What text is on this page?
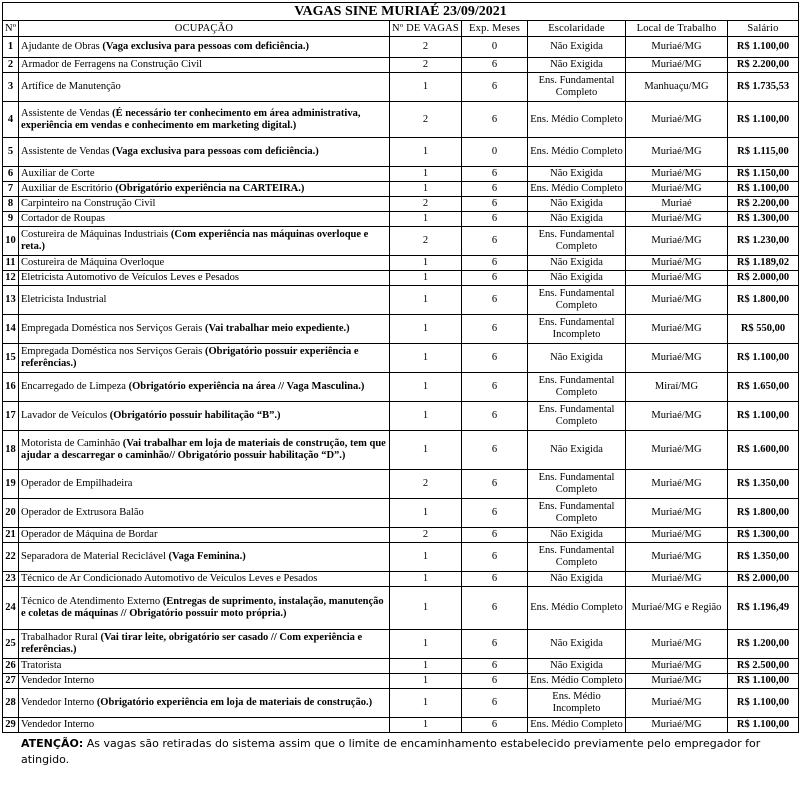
VAGAS SINE MURIAÉ 23/09/2021						
Nº	OCUPAÇÃO	Nº DE VAGAS	Exp. Meses	Escolaridade	Local de Trabalho	Salário
1	Ajudante de Obras (Vaga exclusiva para pessoas com deficiência.)	2	0	Não Exigida	Muriaé/MG	R$ 1.100,00
2	Armador de Ferragens na Construção Civil	2	6	Não Exigida	Muriaé/MG	R$ 2.200,00
3	Artífice de Manutenção	1	6	Ens. Fundamental Completo	Manhuaçu/MG	R$ 1.735,53
4	Assistente de Vendas (É necessário ter conhecimento em área administrativa, experiência em vendas e conhecimento em marketing digital.)	2	6	Ens. Médio Completo	Muriaé/MG	R$ 1.100,00
5	Assistente de Vendas (Vaga exclusiva para pessoas com deficiência.)	1	0	Ens. Médio Completo	Muriaé/MG	R$ 1.115,00
6	Auxiliar de Corte	1	6	Não Exigida	Muriaé/MG	R$ 1.150,00
7	Auxiliar de Escritório (Obrigatório experiência na CARTEIRA.)	1	6	Ens. Médio Completo	Muriaé/MG	R$ 1.100,00
8	Carpinteiro na Construção Civil	2	6	Não Exigida	Muriaé	R$ 2.200,00
9	Cortador de Roupas	1	6	Não Exigida	Muriaé/MG	R$ 1.300,00
10	Costureira de Máquinas Industriais (Com experiência nas máquinas overloque e reta.)	2	6	Ens. Fundamental Completo	Muriaé/MG	R$ 1.230,00
11	Costureira de Máquina Overloque	1	6	Não Exigida	Muriaé/MG	R$ 1.189,02
12	Eletricista Automotivo de Veículos Leves e Pesados	1	6	Não Exigida	Muriaé/MG	R$ 2.000,00
13	Eletricista Industrial	1	6	Ens. Fundamental Completo	Muriaé/MG	R$ 1.800,00
14	Empregada Doméstica nos Serviços Gerais (Vai trabalhar meio expediente.)	1	6	Ens. Fundamental Incompleto	Muriaé/MG	R$ 550,00
15	Empregada Doméstica nos Serviços Gerais (Obrigatório possuir experiência e referências.)	1	6	Não Exigida	Muriaé/MG	R$ 1.100,00
16	Encarregado de Limpeza (Obrigatório experiência na área // Vaga Masculina.)	1	6	Ens. Fundamental Completo	Miraí/MG	R$ 1.650,00
17	Lavador de Veículos (Obrigatório possuir habilitação “B”.)	1	6	Ens. Fundamental Completo	Muriaé/MG	R$ 1.100,00
18	Motorista de Caminhão (Vai trabalhar em loja de materiais de construção, tem que ajudar a descarregar o caminhão// Obrigatório possuir habilitação “D”.)	1	6	Não Exigida	Muriaé/MG	R$ 1.600,00
19	Operador de Empilhadeira	2	6	Ens. Fundamental Completo	Muriaé/MG	R$ 1.350,00
20	Operador de Extrusora Balão	1	6	Ens. Fundamental Completo	Muriaé/MG	R$ 1.800,00
21	Operador de Máquina de Bordar	2	6	Não Exigida	Muriaé/MG	R$ 1.300,00
22	Separadora de Material Reciclável (Vaga Feminina.)	1	6	Ens. Fundamental Completo	Muriaé/MG	R$ 1.350,00
23	Técnico de Ar Condicionado Automotivo de Veículos Leves e Pesados	1	6	Não Exigida	Muriaé/MG	R$ 2.000,00
24	Técnico de Atendimento Externo (Entregas de suprimento, instalação, manutenção e coletas de máquinas // Obrigatório possuir moto própria.)	1	6	Ens. Médio Completo	Muriaé/MG e Região	R$ 1.196,49
25	Trabalhador Rural (Vai tirar leite, obrigatório ser casado // Com experiência e referências.)	1	6	Não Exigida	Muriaé/MG	R$ 1.200,00
26	Tratorista	1	6	Não Exigida	Muriaé/MG	R$ 2.500,00
27	Vendedor Interno	1	6	Ens. Médio Completo	Muriaé/MG	R$ 1.100,00
28	Vendedor Interno (Obrigatório experiência em loja de materiais de construção.)	1	6	Ens. Médio Incompleto	Muriaé/MG	R$ 1.100,00
29	Vendedor Interno	1	6	Ens. Médio Completo	Muriaé/MG	R$ 1.100,00
ATENÇÃO: As vagas são retiradas do sistema assim que o limite de encaminhamento estabelecido previamente pelo empregador for atingido.
